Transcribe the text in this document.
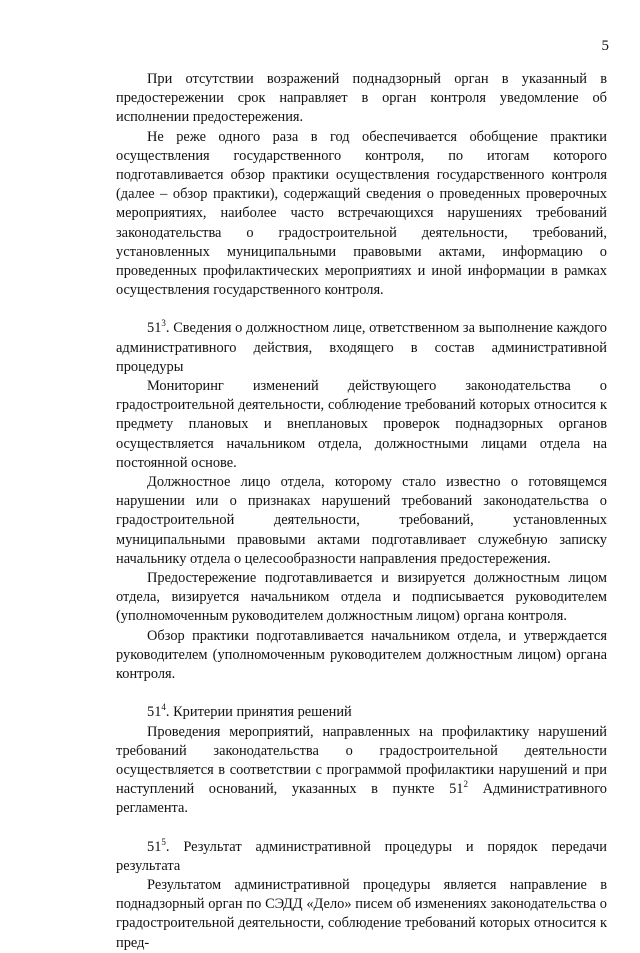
5

При отсутствии возражений поднадзорный орган в указанный в предостережении срок направляет в орган контроля уведомление об исполнении предостережения.

Не реже одного раза в год обеспечивается обобщение практики осуществления государственного контроля, по итогам которого подготавливается обзор практики осуществления государственного контроля (далее – обзор практики), содержащий сведения о проведенных проверочных мероприятиях, наиболее часто встречающихся нарушениях требований законодательства о градостроительной деятельности, требований, установленных муниципальными правовыми актами, информацию о проведенных профилактических мероприятиях и иной информации в рамках осуществления государственного контроля.

$51^3$. Сведения о должностном лице, ответственном за выполнение каждого административного действия, входящего в состав административной процедуры

Мониторинг изменений действующего законодательства о градостроительной деятельности, соблюдение требований которых относится к предмету плановых и внеплановых проверок поднадзорных органов осуществляется начальником отдела, должностными лицами отдела на постоянной основе.

Должностное лицо отдела, которому стало известно о готовящемся нарушении или о признаках нарушений требований законодательства о градостроительной деятельности, требований, установленных муниципальными правовыми актами подготавливает служебную записку начальнику отдела о целесообразности направления предостережения.

Предостережение подготавливается и визируется должностным лицом отдела, визируется начальником отдела и подписывается руководителем (уполномоченным руководителем должностным лицом) органа контроля.

Обзор практики подготавливается начальником отдела, и утверждается руководителем (уполномоченным руководителем должностным лицом) органа контроля.

$51^4$. Критерии принятия решений

Проведения мероприятий, направленных на профилактику нарушений требований законодательства о градостроительной деятельности осуществляется в соответствии с программой профилактики нарушений и при наступлений оснований, указанных в пункте $51^2$ Административного регламента.

$51^5$. Результат административной процедуры и порядок передачи результата

Результатом административной процедуры является направление в поднадзорный орган по СЭДД «Дело» писем об изменениях законодательства о градостроительной деятельности, соблюдение требований которых относится к пред-
